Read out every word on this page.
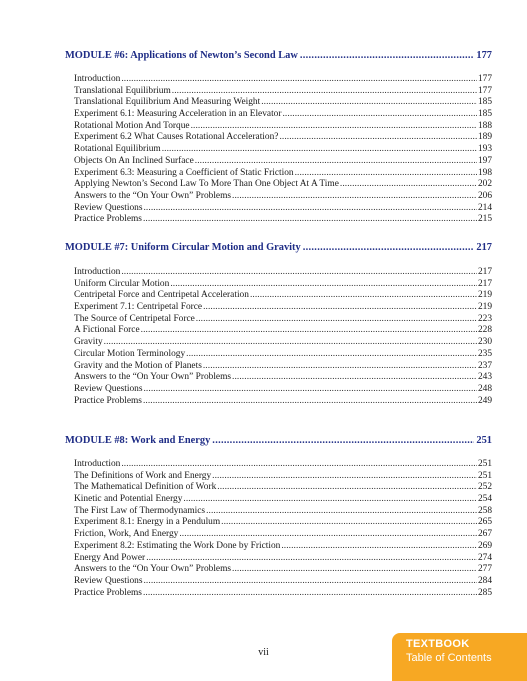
MODULE #6: Applications of Newton’s Second Law .....	177
Introduction .....	177
Translational Equilibrium .....	177
Translational Equilibrium And Measuring Weight .....	185
Experiment 6.1: Measuring Acceleration in an Elevator .....	185
Rotational Motion And Torque .....	188
Experiment 6.2 What Causes Rotational Acceleration? .....	189
Rotational Equilibrium .....	193
Objects On An Inclined Surface .....	197
Experiment 6.3: Measuring a Coefficient of Static Friction .....	198
Applying Newton’s Second Law To More Than One Object At A Time .....	202
Answers to the “On Your Own” Problems .....	206
Review Questions .....	214
Practice Problems .....	215
MODULE #7: Uniform Circular Motion and Gravity .....	217
Introduction .....	217
Uniform Circular Motion .....	217
Centripetal Force and Centripetal Acceleration .....	219
Experiment 7.1: Centripetal Force .....	219
The Source of Centripetal Force .....	223
A Fictional Force .....	228
Gravity .....	230
Circular Motion Terminology .....	235
Gravity and the Motion of Planets .....	237
Answers to the “On Your Own” Problems .....	243
Review Questions .....	248
Practice Problems .....	249
MODULE #8: Work and Energy .....	251
Introduction .....	251
The Definitions of Work and Energy .....	251
The Mathematical Definition of Work .....	252
Kinetic and Potential Energy .....	254
The First Law of Thermodynamics .....	258
Experiment 8.1: Energy in a Pendulum .....	265
Friction, Work, And Energy .....	267
Experiment 8.2: Estimating the Work Done by Friction .....	269
Energy And Power .....	274
Answers to the “On Your Own” Problems .....	277
Review Questions .....	284
Practice Problems .....	285
vii
TEXTBOOK
Table of Contents
